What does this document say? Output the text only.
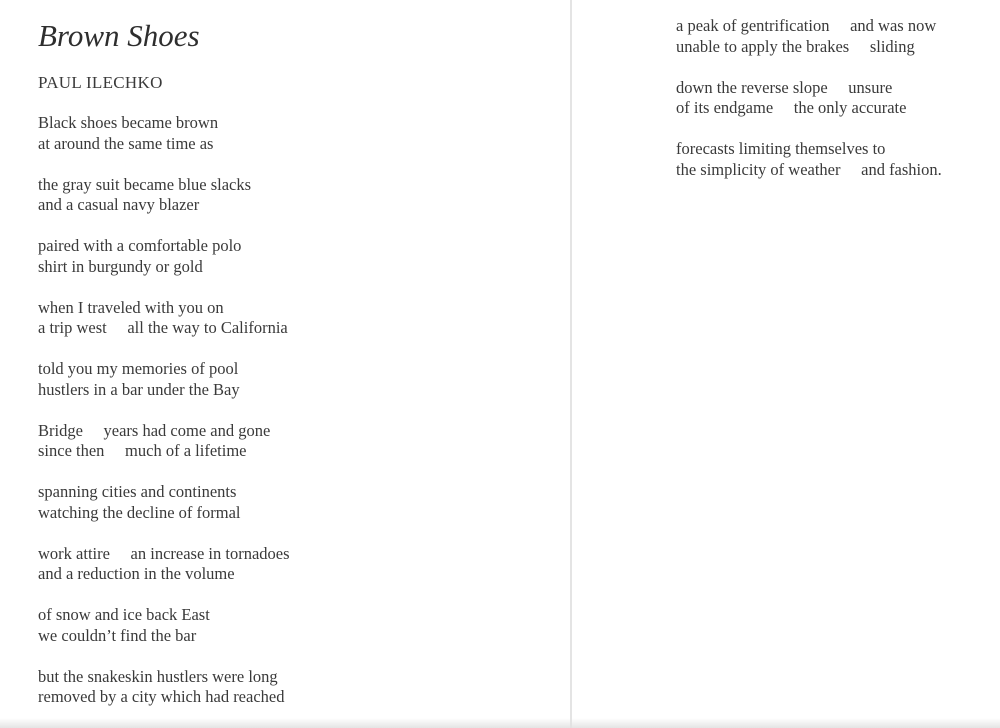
Brown Shoes
PAUL ILECHKO
Black shoes became brown
at around the same time as
the gray suit became blue slacks
and a casual navy blazer
paired with a comfortable polo
shirt in burgundy or gold
when I traveled with you on
a trip west     all the way to California
told you my memories of pool
hustlers in a bar under the Bay
Bridge     years had come and gone
since then     much of a lifetime
spanning cities and continents
watching the decline of formal
work attire     an increase in tornadoes
and a reduction in the volume
of snow and ice back East
we couldn’t find the bar
but the snakeskin hustlers were long
removed by a city which had reached
a peak of gentrification     and was now
unable to apply the brakes     sliding
down the reverse slope     unsure
of its endgame     the only accurate
forecasts limiting themselves to
the simplicity of weather     and fashion.
